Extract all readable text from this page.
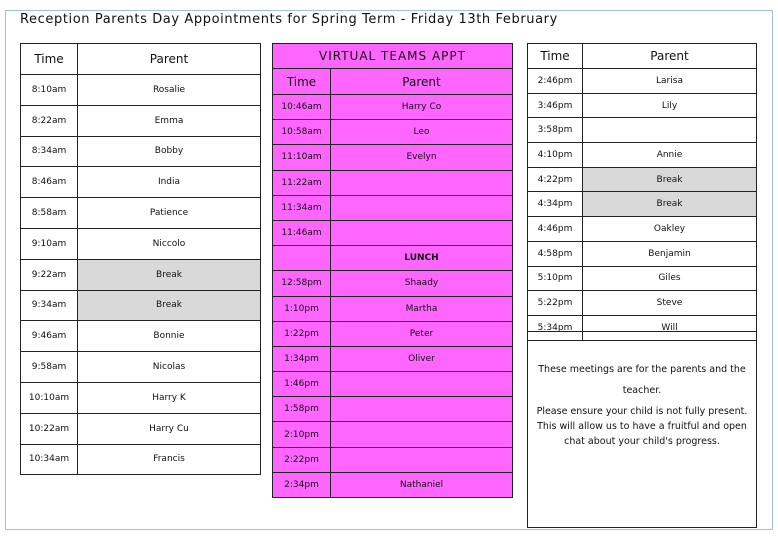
Reception Parents Day Appointments for Spring Term - Friday 13th February
Time	Parent
8:10am	Rosalie
8:22am	Emma
8:34am	Bobby
8:46am	India
8:58am	Patience
9:10am	Niccolo
9:22am	Break
9:34am	Break
9:46am	Bonnie
9:58am	Nicolas
10:10am	Harry K
10:22am	Harry Cu
10:34am	Francis
VIRTUAL TEAMS APPT	
Time	Parent
10:46am	Harry Co
10:58am	Leo
11:10am	Evelyn
11:22am	
11:34am	
11:46am	
	LUNCH
12:58pm	Shaady
1:10pm	Martha
1:22pm	Peter
1:34pm	Oliver
1:46pm	
1:58pm	
2:10pm	
2:22pm	
2:34pm	Nathaniel
Time	Parent
2:46pm	Larisa
3:46pm	Lily
3:58pm	
4:10pm	Annie
4:22pm	Break
4:34pm	Break
4:46pm	Oakley
4:58pm	Benjamin
5:10pm	Giles
5:22pm	Steve
5:34pm	Will

These meetings are for the parents and the

teacher.

Please ensure your child is not fully present. This will allow us to have a fruitful and open chat about your child's progress.
